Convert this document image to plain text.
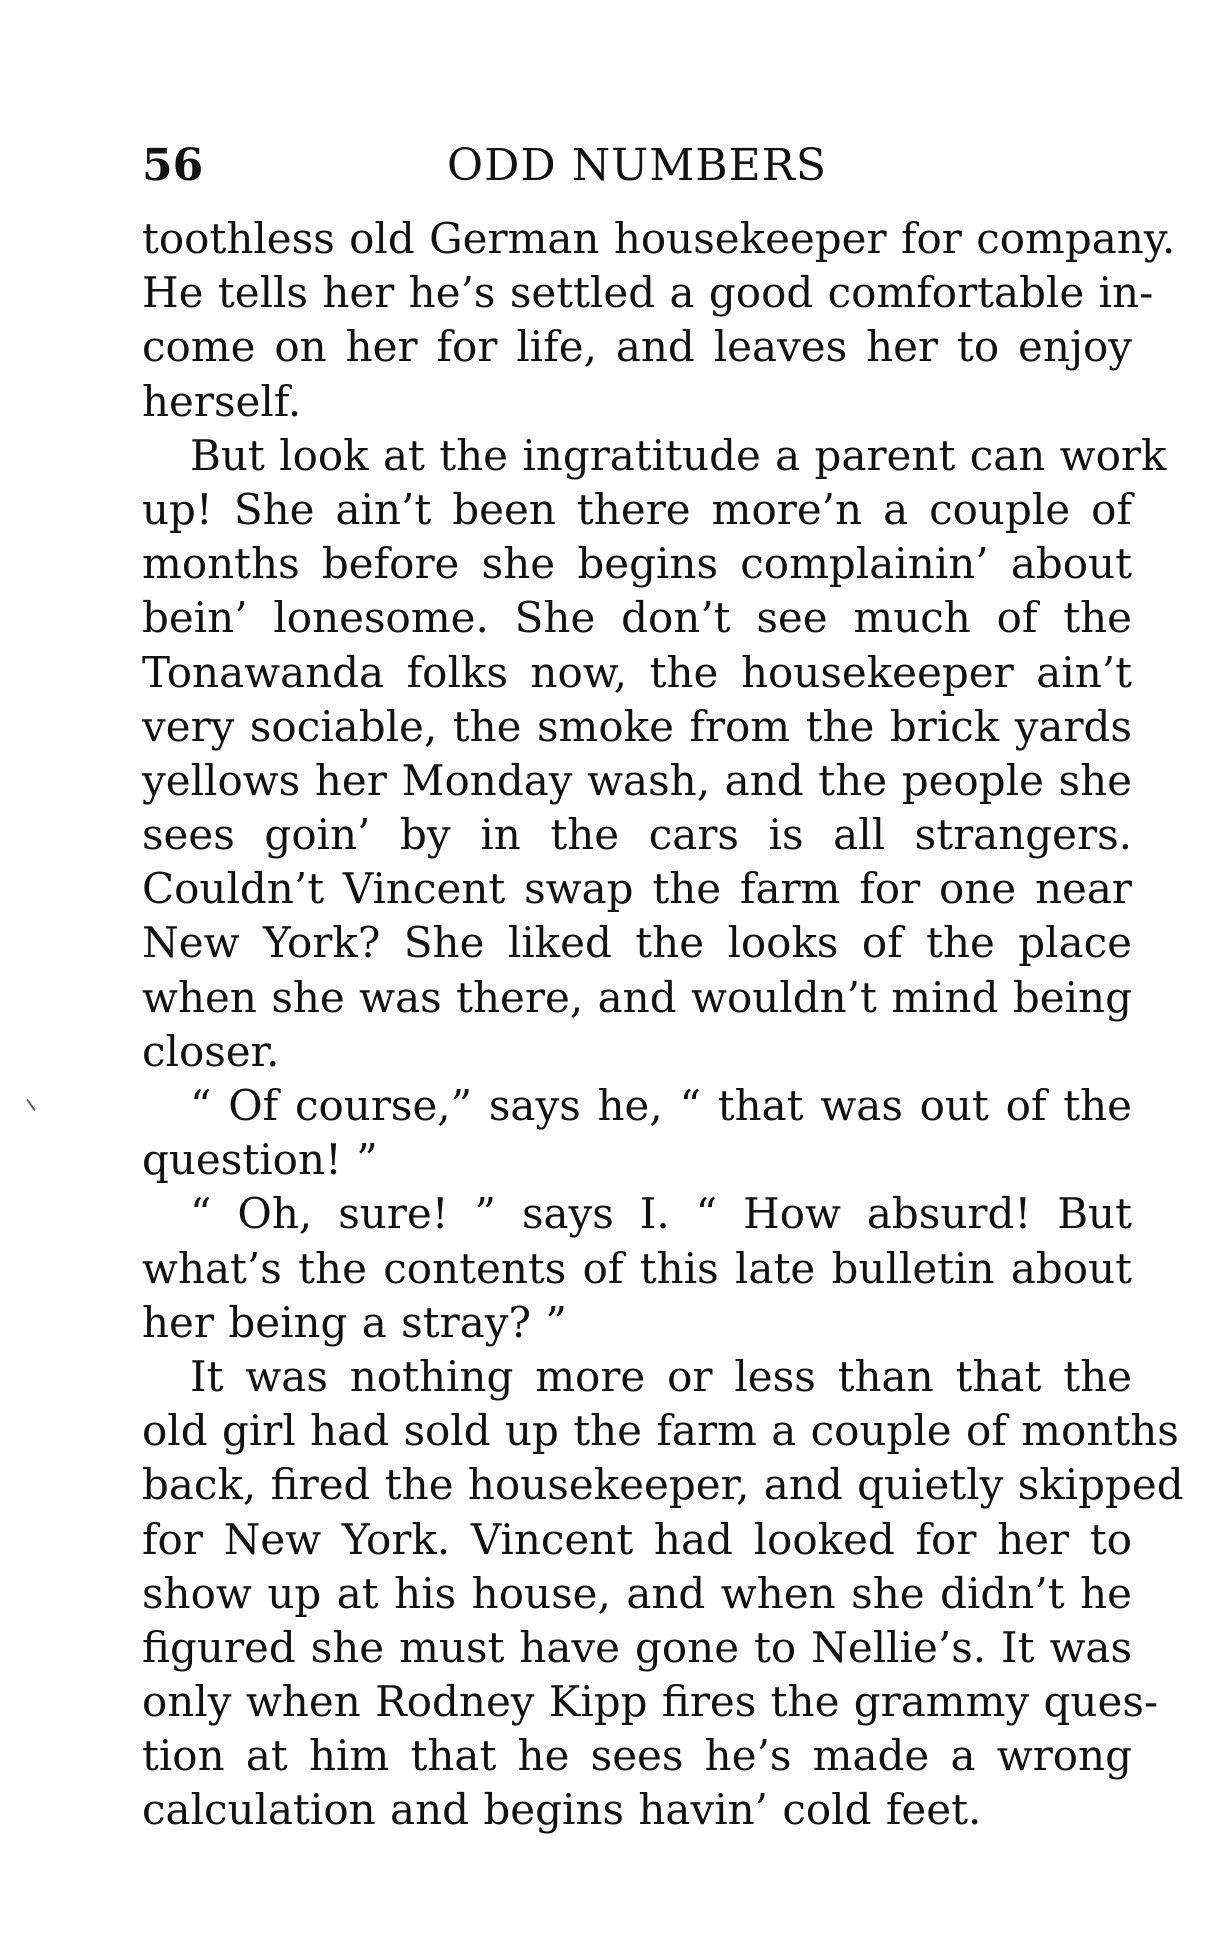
56	ODD NUMBERS
toothless old German housekeeper for company.
He tells her he’s settled a good comfortable in-
come on her for life, and leaves her to enjoy
herself.
But look at the ingratitude a parent can work
up! She ain’t been there more’n a couple of
months before she begins complainin’ about
bein’ lonesome. She don’t see much of the
Tonawanda folks now, the housekeeper ain’t
very sociable, the smoke from the brick yards
yellows her Monday wash, and the people she
sees goin’ by in the cars is all strangers.
Couldn’t Vincent swap the farm for one near
New York? She liked the looks of the place
when she was there, and wouldn’t mind being
closer.
“ Of course,” says he, “ that was out of the
question! ”
“ Oh, sure! ” says I. “ How absurd! But
what’s the contents of this late bulletin about
her being a stray? ”
It was nothing more or less than that the
old girl had sold up the farm a couple of months
back, fired the housekeeper, and quietly skipped
for New York. Vincent had looked for her to
show up at his house, and when she didn’t he
figured she must have gone to Nellie’s. It was
only when Rodney Kipp fires the grammy ques-
tion at him that he sees he’s made a wrong
calculation and begins havin’ cold feet.
